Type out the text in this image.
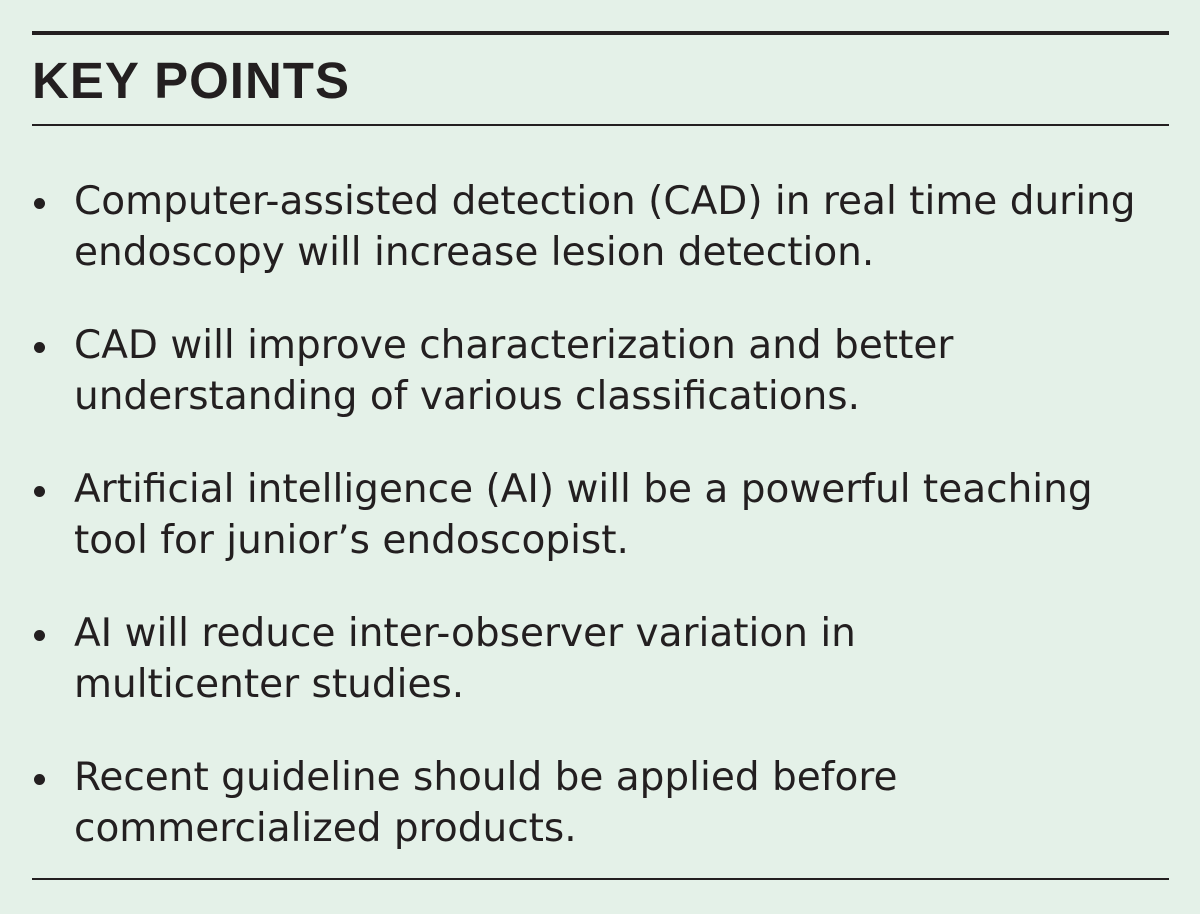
KEY POINTS
Computer-assisted detection (CAD) in real time during
endoscopy will increase lesion detection.
CAD will improve characterization and better
understanding of various classifications.
Artificial intelligence (AI) will be a powerful teaching
tool for junior’s endoscopist.
AI will reduce inter-observer variation in
multicenter studies.
Recent guideline should be applied before
commercialized products.
